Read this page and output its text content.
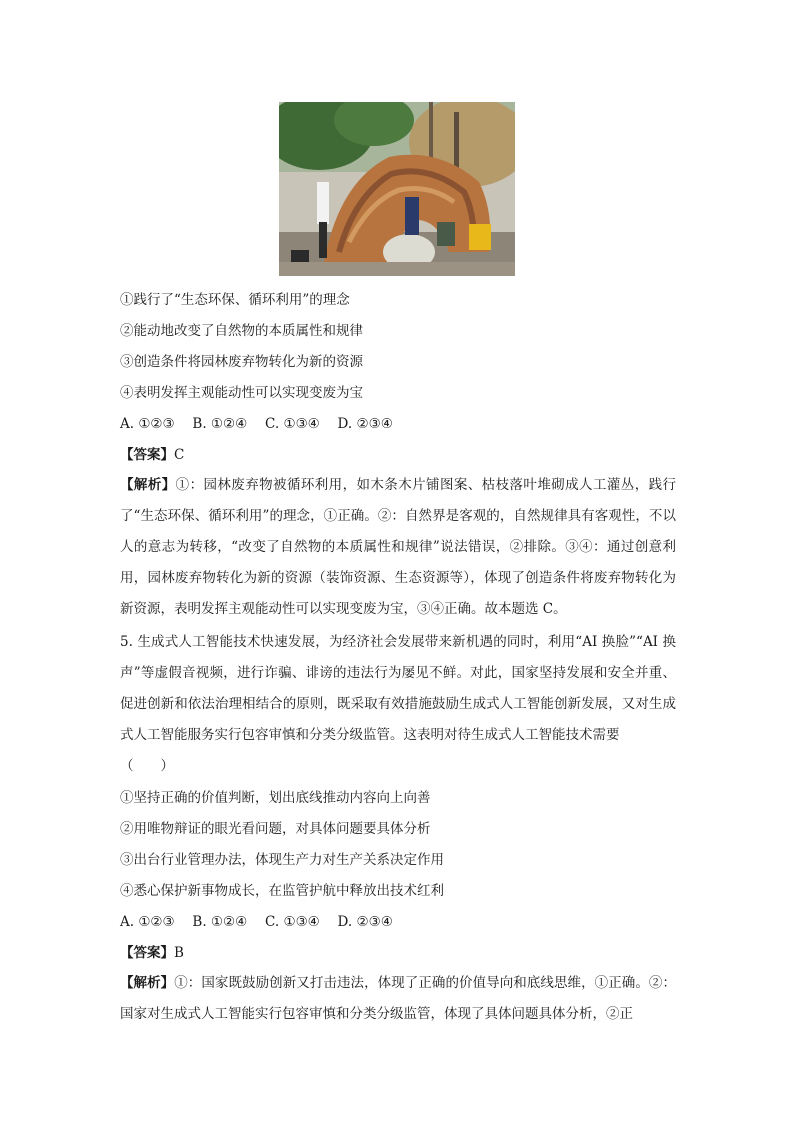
①践行了“生态环保、循环利用”的理念
②能动地改变了自然物的本质属性和规律
③创造条件将园林废弃物转化为新的资源
④表明发挥主观能动性可以实现变废为宝
A. ①②③　 B. ①②④　 C. ①③④　 D. ②③④
【答案】C
【解析】①：园林废弃物被循环利用，如木条木片铺图案、枯枝落叶堆砌成人工灌丛，践行了“生态环保、循环利用”的理念，①正确。②：自然界是客观的，自然规律具有客观性，不以人的意志为转移，“改变了自然物的本质属性和规律”说法错误，②排除。③④：通过创意利用，园林废弃物转化为新的资源（装饰资源、生态资源等），体现了创造条件将废弃物转化为新资源，表明发挥主观能动性可以实现变废为宝，③④正确。故本题选 C。
5. 生成式人工智能技术快速发展，为经济社会发展带来新机遇的同时，利用“AI 换脸”“AI 换声”等虚假音视频，进行诈骗、诽谤的违法行为屡见不鲜。对此，国家坚持发展和安全并重、促进创新和依法治理相结合的原则，既采取有效措施鼓励生成式人工智能创新发展，又对生成式人工智能服务实行包容审慎和分类分级监管。这表明对待生成式人工智能技术需要
（　　）
①坚持正确的价值判断，划出底线推动内容向上向善
②用唯物辩证的眼光看问题，对具体问题要具体分析
③出台行业管理办法，体现生产力对生产关系决定作用
④悉心保护新事物成长，在监管护航中释放出技术红利
A. ①②③　 B. ①②④　 C. ①③④　 D. ②③④
【答案】B
【解析】①：国家既鼓励创新又打击违法，体现了正确的价值导向和底线思维，①正确。②：国家对生成式人工智能实行包容审慎和分类分级监管，体现了具体问题具体分析，②正
